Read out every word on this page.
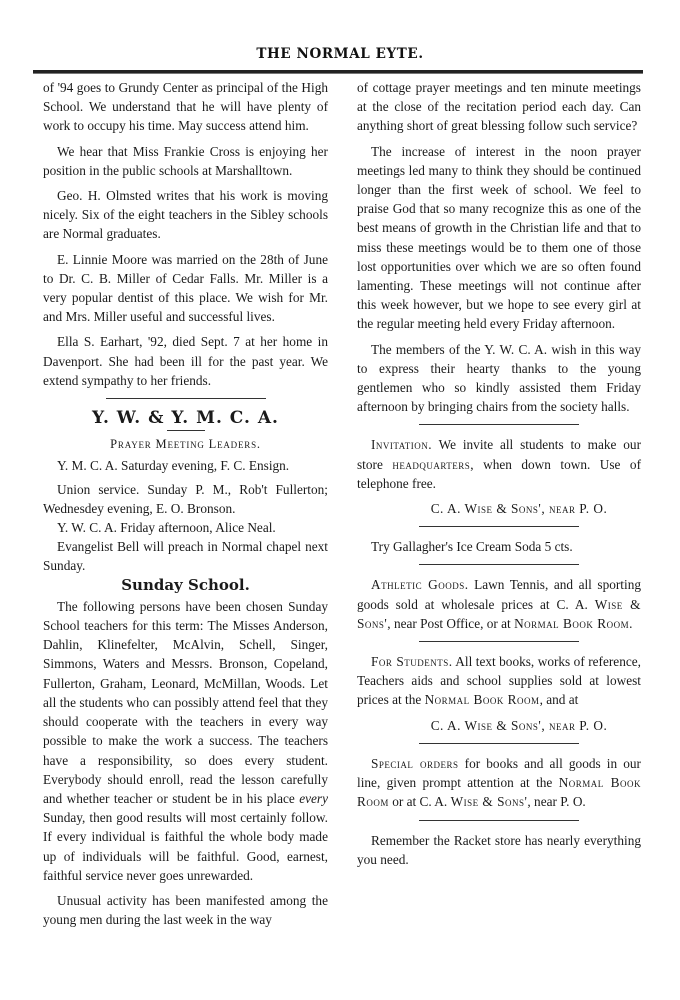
THE NORMAL EYTE.

of '94 goes to Grundy Center as principal of the High School. We understand that he will have plenty of work to occupy his time. May success attend him.

We hear that Miss Frankie Cross is enjoying her position in the public schools at Marshalltown.

Geo. H. Olmsted writes that his work is moving nicely. Six of the eight teachers in the Sibley schools are Normal graduates.

E. Linnie Moore was married on the 28th of June to Dr. C. B. Miller of Cedar Falls. Mr. Miller is a very popular dentist of this place. We wish for Mr. and Mrs. Miller useful and successful lives.

Ella S. Earhart, '92, died Sept. 7 at her home in Davenport. She had been ill for the past year. We extend sympathy to her friends.

Y. W. & Y. M. C. A.
Prayer Meeting Leaders.

Y. M. C. A. Saturday evening, F. C. Ensign.

Union service. Sunday P. M., Rob't Fullerton; Wednesdey evening, E. O. Bronson.

Y. W. C. A. Friday afternoon, Alice Neal.

Evangelist Bell will preach in Normal chapel next Sunday.

Sunday School.

The following persons have been chosen Sunday School teachers for this term: The Misses Anderson, Dahlin, Klinefelter, McAlvin, Schell, Singer, Simmons, Waters and Messrs. Bronson, Copeland, Fullerton, Graham, Leonard, McMillan, Woods. Let all the students who can possibly attend feel that they should cooperate with the teachers in every way possible to make the work a success. The teachers have a responsibility, so does every student. Everybody should enroll, read the lesson carefully and whether teacher or student be in his place every Sunday, then good results will most certainly follow. If every individual is faithful the whole body made up of individuals will be faithful. Good, earnest, faithful service never goes unrewarded.

Unusual activity has been manifested among the young men during the last week in the way

of cottage prayer meetings and ten minute meetings at the close of the recitation period each day. Can anything short of great blessing follow such service?

The increase of interest in the noon prayer meetings led many to think they should be continued longer than the first week of school. We feel to praise God that so many recognize this as one of the best means of growth in the Christian life and that to miss these meetings would be to them one of those lost opportunities over which we are so often found lamenting. These meetings will not continue after this week however, but we hope to see every girl at the regular meeting held every Friday afternoon.

The members of the Y. W. C. A. wish in this way to express their hearty thanks to the young gentlemen who so kindly assisted them Friday afternoon by bringing chairs from the society halls.

Invitation. We invite all students to make our store headquarters, when down town. Use of telephone free.

C. A. Wise & Sons', near P. O.

Try Gallagher's Ice Cream Soda 5 cts.

Athletic Goods. Lawn Tennis, and all sporting goods sold at wholesale prices at C. A. Wise & Sons', near Post Office, or at Normal Book Room.

For Students. All text books, works of reference, Teachers aids and school supplies sold at lowest prices at the Normal Book Room, and at

C. A. Wise & Sons', near P. O.

Special orders for books and all goods in our line, given prompt attention at the Normal Book Room or at C. A. Wise & Sons', near P. O.

Remember the Racket store has nearly everything you need.
